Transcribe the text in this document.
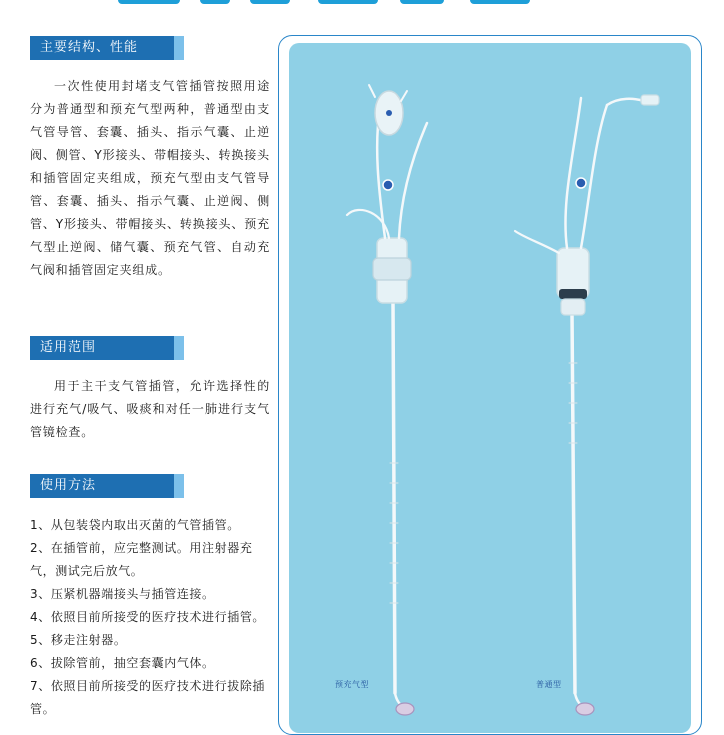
主要结构、性能

一次性使用封堵支气管插管按照用途分为普通型和预充气型两种，普通型由支气管导管、套囊、插头、指示气囊、止逆阀、侧管、Y形接头、带帽接头、转换接头和插管固定夹组成，预充气型由支气管导管、套囊、插头、指示气囊、止逆阀、侧管、Y形接头、带帽接头、转换接头、预充气型止逆阀、储气囊、预充气管、自动充气阀和插管固定夹组成。

适用范围

用于主干支气管插管，允许选择性的进行充气/吸气、吸痰和对任一肺进行支气管镜检查。

使用方法
1、从包装袋内取出灭菌的气管插管。
2、在插管前，应完整测试。用注射器充气，测试完后放气。
3、压紧机器端接头与插管连接。
4、依照目前所接受的医疗技术进行插管。
5、移走注射器。
6、拔除管前，抽空套囊内气体。
7、依照目前所接受的医疗技术进行拔除插管。
预充气型	普通型
